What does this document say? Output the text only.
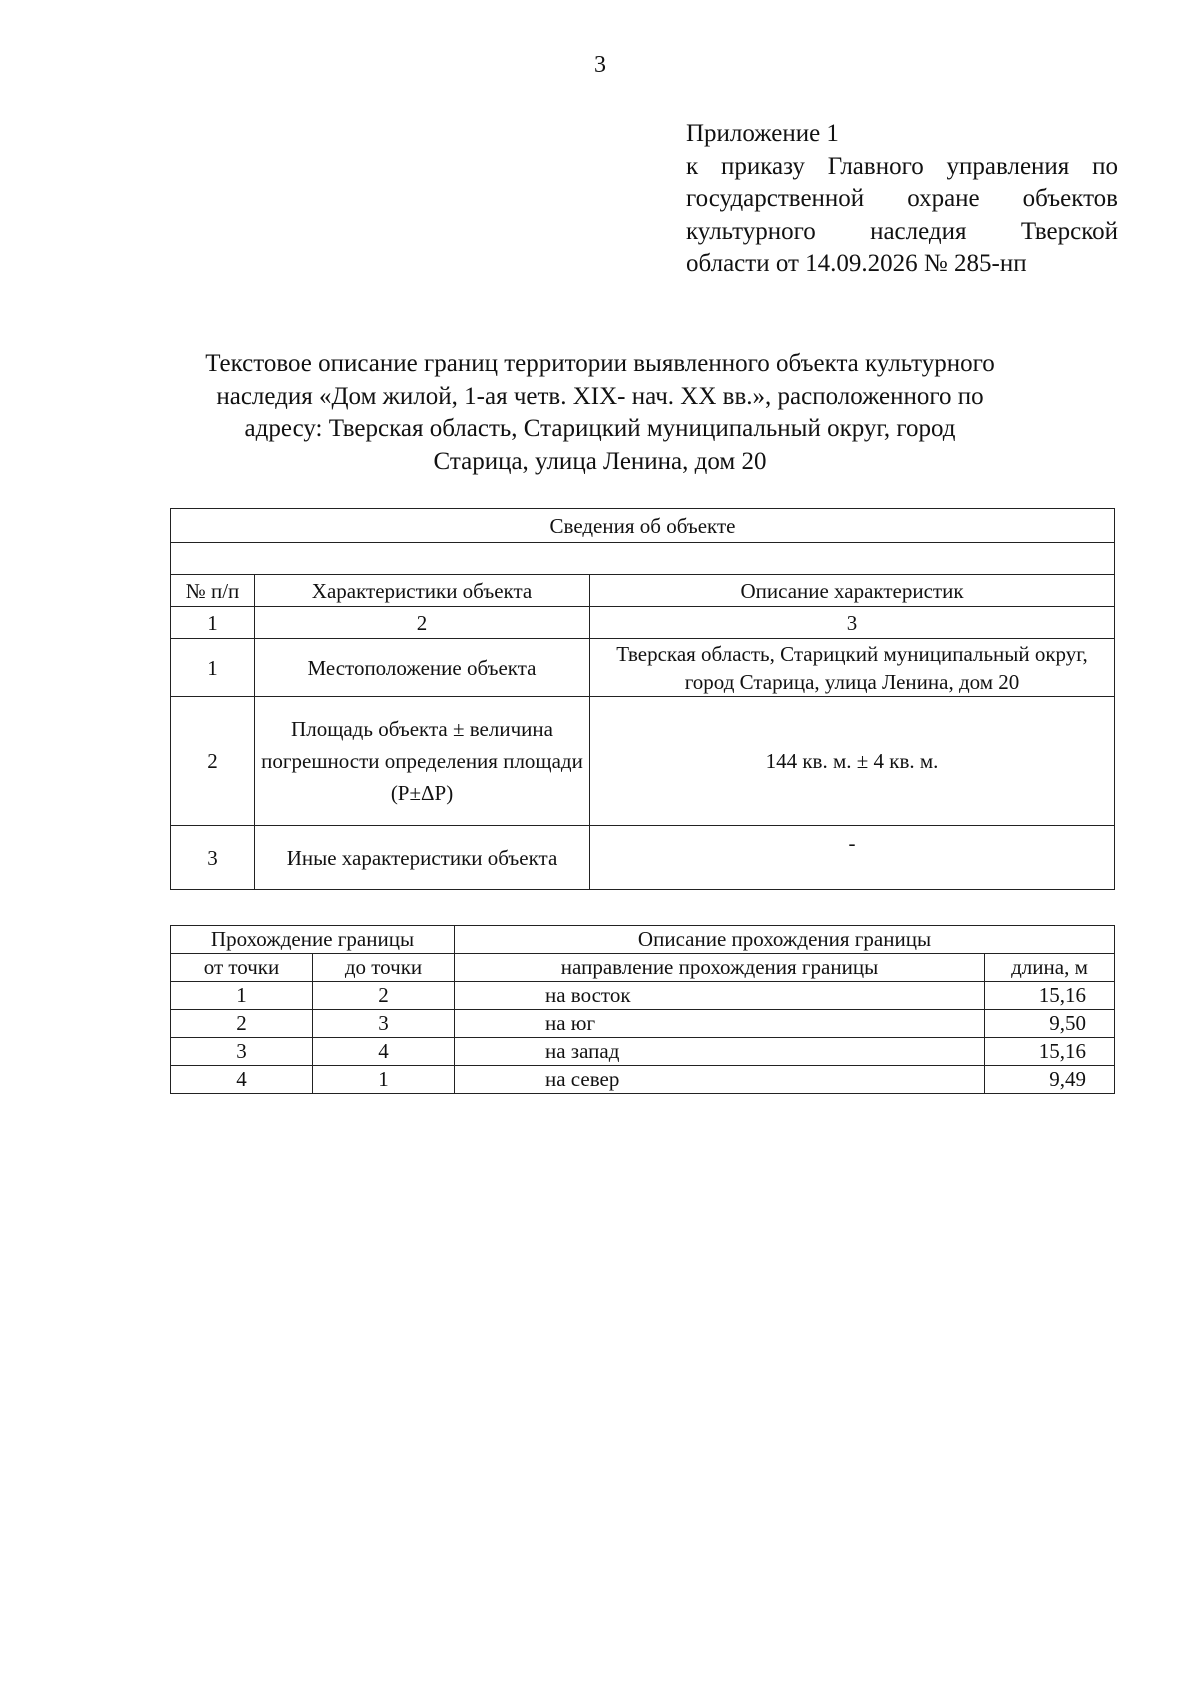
3
Приложение 1
к приказу Главного управления по
государственной охране объектов
культурного наследия Тверской
области от 14.09.2026 № 285-нп
Текстовое описание границ территории выявленного объекта культурного
наследия «Дом жилой, 1-ая четв. XIX- нач. XX вв.», расположенного по
адресу: Тверская область, Старицкий муниципальный округ, город
Старица, улица Ленина, дом 20
Сведения об объекте		

№ п/п	Характеристики объекта	Описание характеристик
1	2	3
1	Местоположение объекта	Тверская область, Старицкий муниципальный округ, город Старица, улица Ленина, дом 20
2	Площадь объекта ± величина погрешности определения площади (P±ΔP)	144 кв. м. ± 4 кв. м.
3	Иные характеристики объекта	-
Прохождение границы		Описание прохождения границы	
от точки	до точки	направление прохождения границы	длина, м
1	2	на восток	15,16
2	3	на юг	9,50
3	4	на запад	15,16
4	1	на север	9,49
